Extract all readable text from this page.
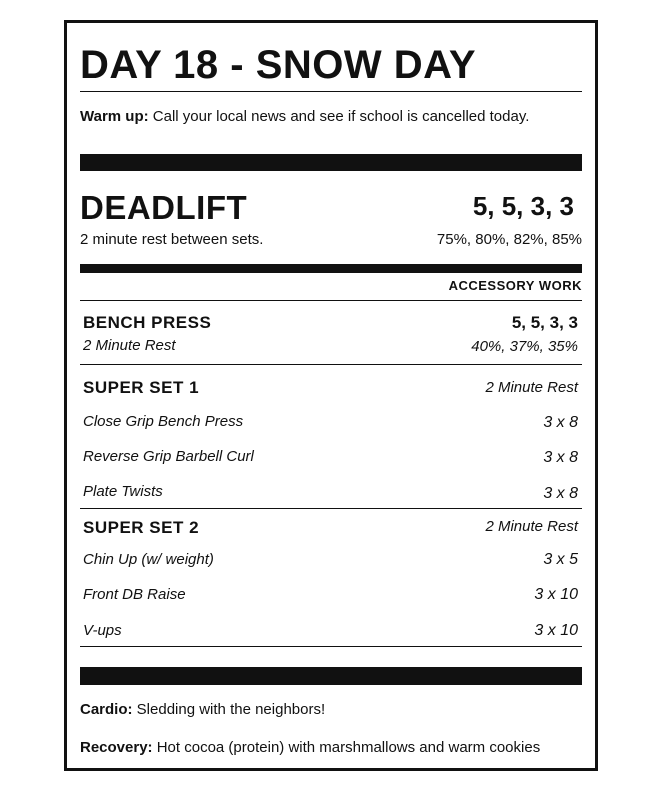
DAY 18 - SNOW DAY
Warm up: Call your local news and see if school is cancelled today.
DEADLIFT	5, 5, 3, 3
2 minute rest between sets.	75%, 80%, 82%, 85%
ACCESSORY WORK
BENCH PRESS	5, 5, 3, 3
2 Minute Rest	40%, 37%, 35%
SUPER SET 1	2 Minute Rest
Close Grip Bench Press	3 x 8
Reverse Grip Barbell Curl	3 x 8
Plate Twists	3 x 8
SUPER SET 2	2 Minute Rest
Chin Up (w/ weight)	3 x 5
Front DB Raise	3 x 10
V-ups	3 x 10
Cardio: Sledding with the neighbors!
Recovery: Hot cocoa (protein) with marshmallows and warm cookies
